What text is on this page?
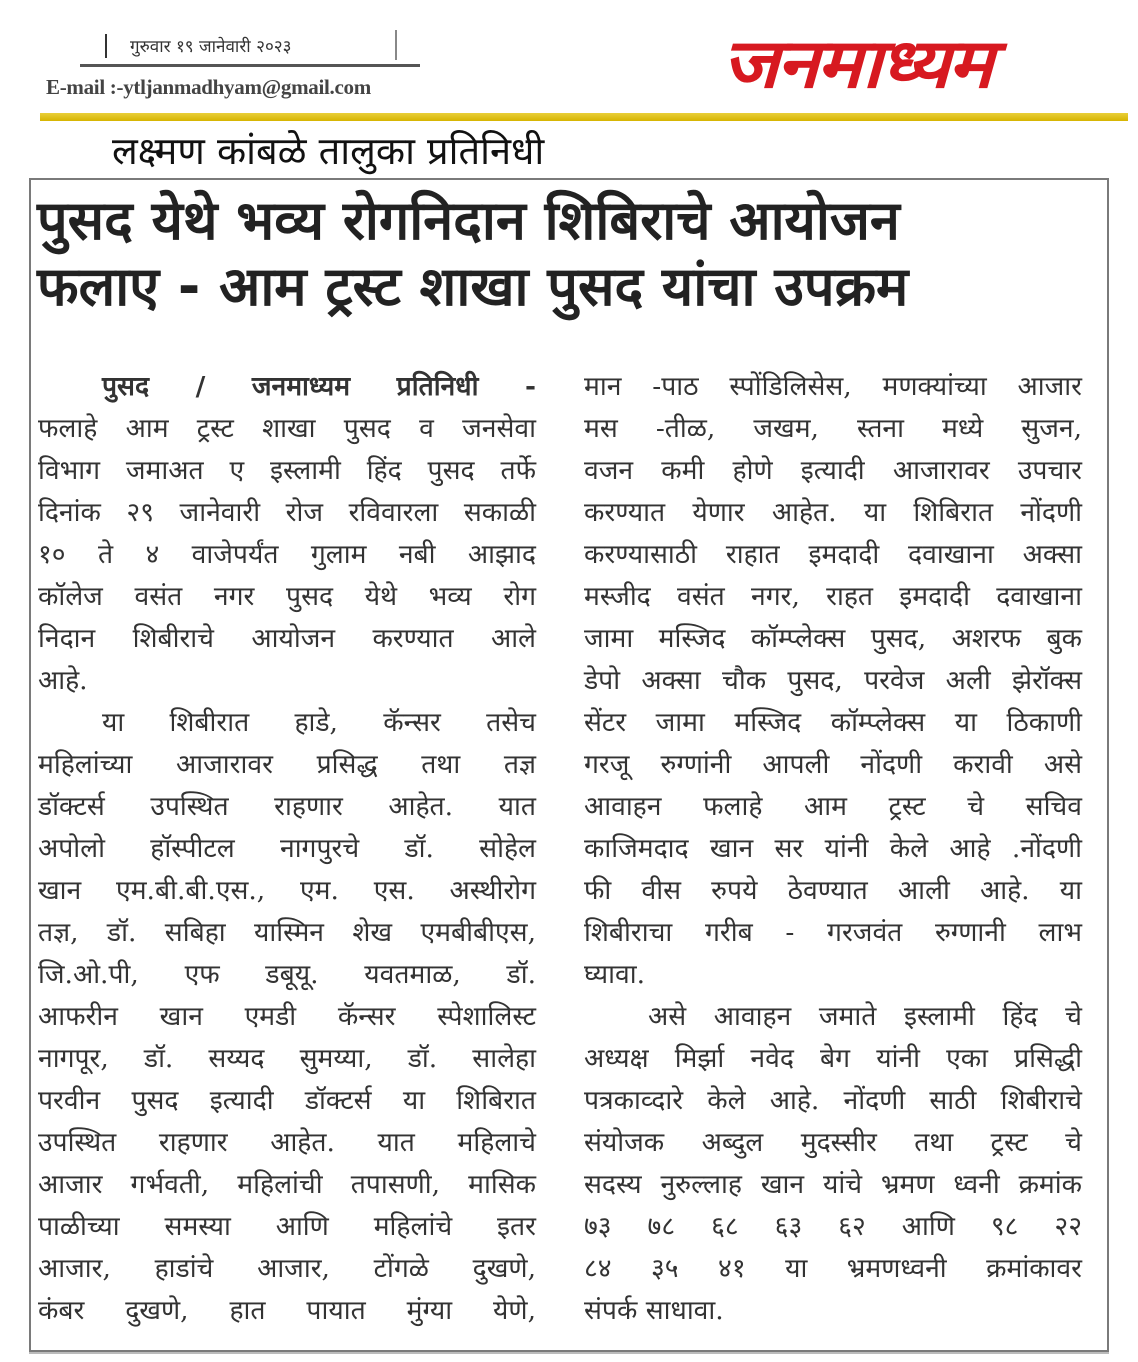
गुरुवार १९ जानेवारी २०२३
E-mail :-ytljanmadhyam@gmail.com	जनमाध्यम
लक्ष्मण कांबळे तालुका प्रतिनिधी
पुसद येथे भव्य रोगनिदान शिबिराचे आयोजन
फलाए - आम ट्रस्ट शाखा पुसद यांचा उपक्रम
पुसद / जनमाध्यम प्रतिनिधी -
फलाहे आम ट्रस्ट शाखा पुसद व जनसेवा
विभाग जमाअत ए इस्लामी हिंद पुसद तर्फे
दिनांक २९ जानेवारी रोज रविवारला सकाळी
१० ते ४ वाजेपर्यंत गुलाम नबी आझाद
कॉलेज वसंत नगर पुसद येथे भव्य रोग
निदान शिबीराचे आयोजन करण्यात आले
आहे.
या शिबीरात हाडे, कॅन्सर तसेच
महिलांच्या आजारावर प्रसिद्ध तथा तज्ञ
डॉक्टर्स उपस्थित राहणार आहेत. यात
अपोलो हॉस्पीटल नागपुरचे डॉ. सोहेल
खान एम.बी.बी.एस., एम. एस. अस्थीरोग
तज्ञ, डॉ. सबिहा यास्मिन शेख एमबीबीएस,
जि.ओ.पी, एफ डबूयू. यवतमाळ, डॉ.
आफरीन खान एमडी कॅन्सर स्पेशालिस्ट
नागपूर, डॉ. सय्यद सुमय्या, डॉ. सालेहा
परवीन पुसद इत्यादी डॉक्टर्स या शिबिरात
उपस्थित राहणार आहेत. यात महिलाचे
आजार गर्भवती, महिलांची तपासणी, मासिक
पाळीच्या समस्या आणि महिलांचे इतर
आजार, हाडांचे आजार, टोंगळे दुखणे,
कंबर दुखणे, हात पायात मुंग्या येणे,
मान -पाठ स्पोंडिलिसेस, मणक्यांच्या आजार
मस -तीळ, जखम, स्तना मध्ये सुजन,
वजन कमी होणे इत्यादी आजारावर उपचार
करण्यात येणार आहेत. या शिबिरात नोंदणी
करण्यासाठी राहात इमदादी दवाखाना अक्सा
मस्जीद वसंत नगर, राहत इमदादी दवाखाना
जामा मस्जिद कॉम्प्लेक्स पुसद, अशरफ बुक
डेपो अक्सा चौक पुसद, परवेज अली झेरॉक्स
सेंटर जामा मस्जिद कॉम्प्लेक्स या ठिकाणी
गरजू रुग्णांनी आपली नोंदणी करावी असे
आवाहन फलाहे आम ट्रस्ट चे सचिव
काजिमदाद खान सर यांनी केले आहे .नोंदणी
फी वीस रुपये ठेवण्यात आली आहे. या
शिबीराचा गरीब - गरजवंत रुग्णानी लाभ
घ्यावा.
असे आवाहन जमाते इस्लामी हिंद चे
अध्यक्ष मिर्झा नवेद बेग यांनी एका प्रसिद्धी
पत्रकाव्दारे केले आहे. नोंदणी साठी शिबीराचे
संयोजक अब्दुल मुदस्सीर तथा ट्रस्ट चे
सदस्य नुरुल्लाह खान यांचे भ्रमण ध्वनी क्रमांक
७३ ७८ ६८ ६३ ६२ आणि ९८ २२
८४ ३५ ४१ या भ्रमणध्वनी क्रमांकावर
संपर्क साधावा.
